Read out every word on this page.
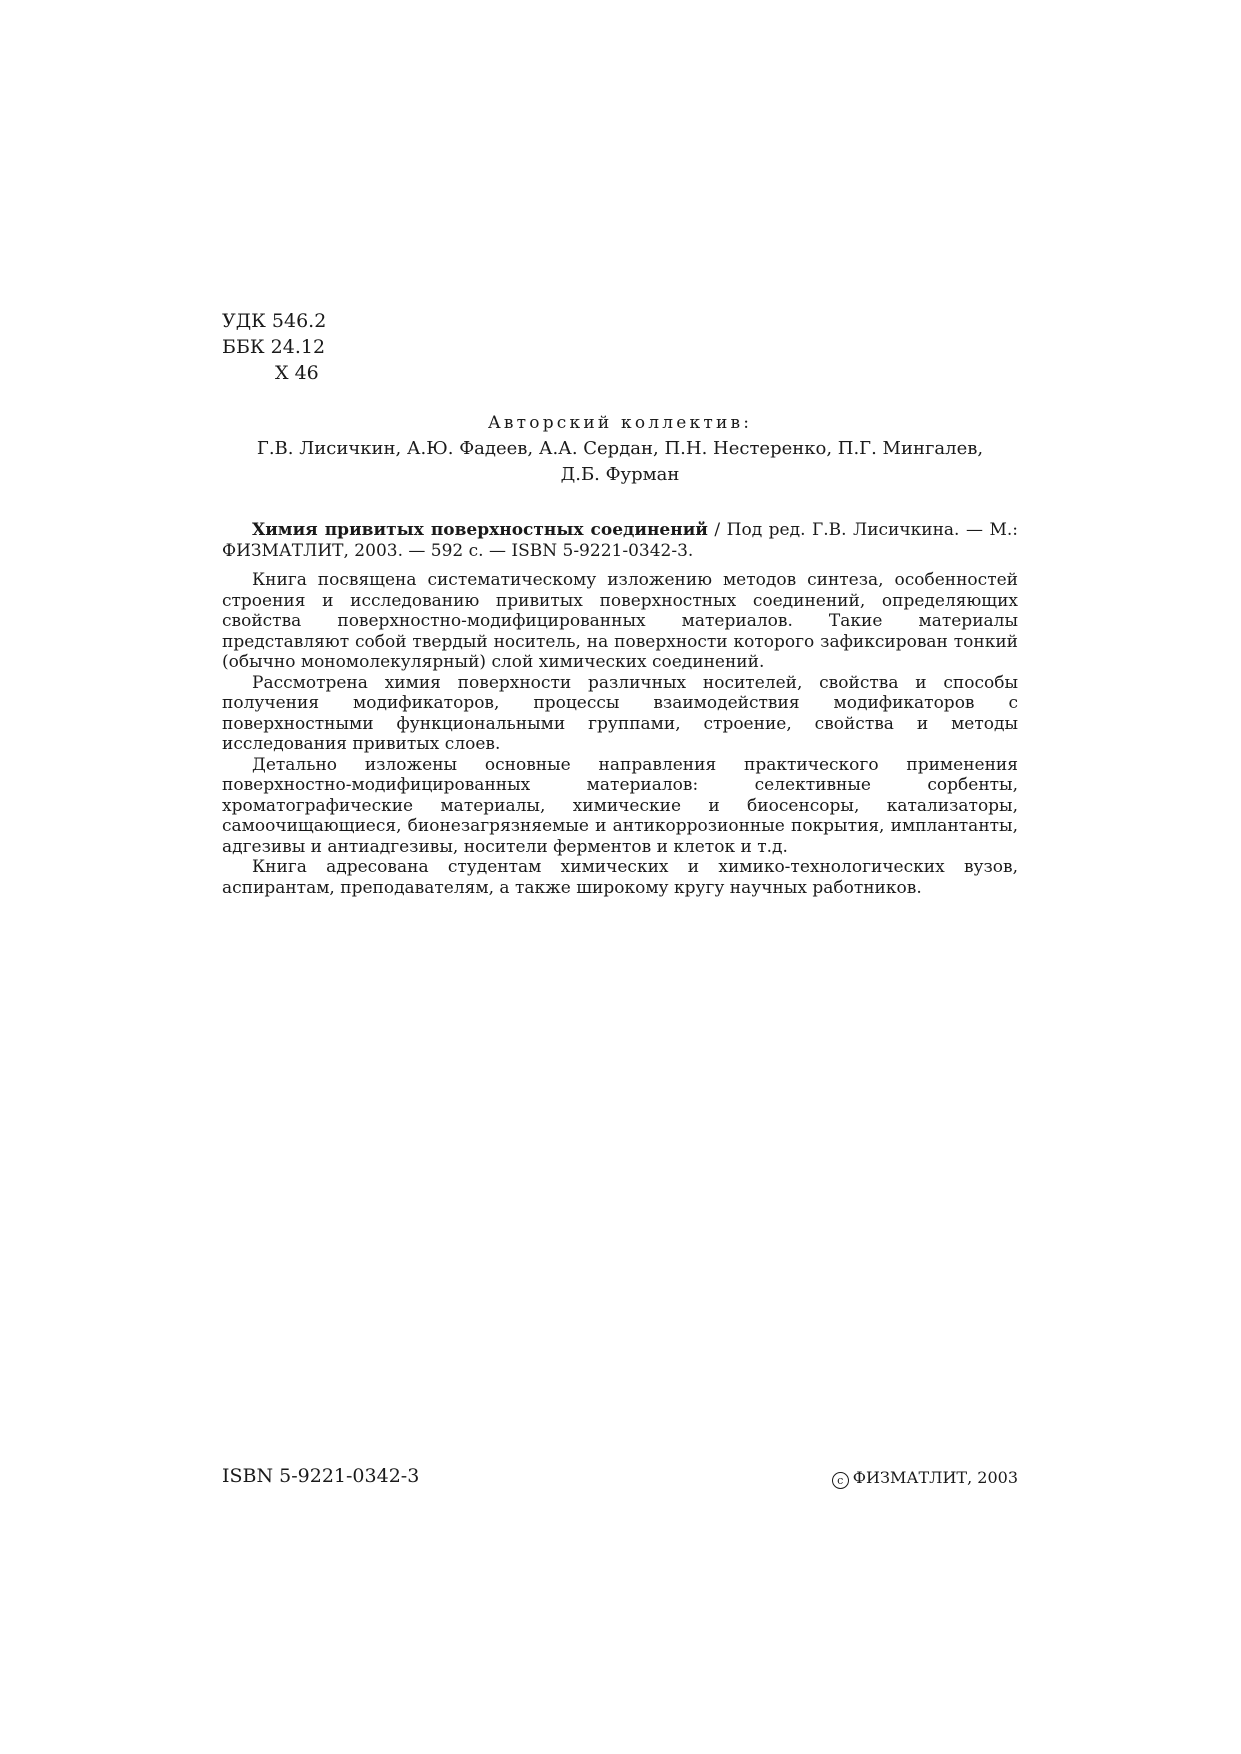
УДК 546.2
ББК 24.12
Х 46
Авторский коллектив:
Г.В. Лисичкин, А.Ю. Фадеев, А.А. Сердан, П.Н. Нестеренко, П.Г. Мингалев,
Д.Б. Фурман

Химия привитых поверхностных соединений / Под ред. Г.В. Лисичкина. — М.: ФИЗМАТЛИТ, 2003. — 592 с. — ISBN 5-9221-0342-3.

Книга посвящена систематическому изложению методов синтеза, особенностей строения и исследованию привитых поверхностных соединений, определяющих свойства поверхностно-модифицированных материалов. Такие материалы представляют собой твердый носитель, на поверхности которого зафиксирован тонкий (обычно мономолекулярный) слой химических соединений.

Рассмотрена химия поверхности различных носителей, свойства и способы получения модификаторов, процессы взаимодействия модификаторов с поверхностными функциональными группами, строение, свойства и методы исследования привитых слоев.

Детально изложены основные направления практического применения поверхностно-модифицированных материалов: селективные сорбенты, хроматографические материалы, химические и биосенсоры, катализаторы, самоочищающиеся, бионезагрязняемые и антикоррозионные покрытия, имплантанты, адгезивы и антиадгезивы, носители ферментов и клеток и т.д.

Книга адресована студентам химических и химико-технологических вузов, аспирантам, преподавателям, а также широкому кругу научных работников.

ISBN 5-9221-0342-3	c ФИЗМАТЛИТ, 2003
